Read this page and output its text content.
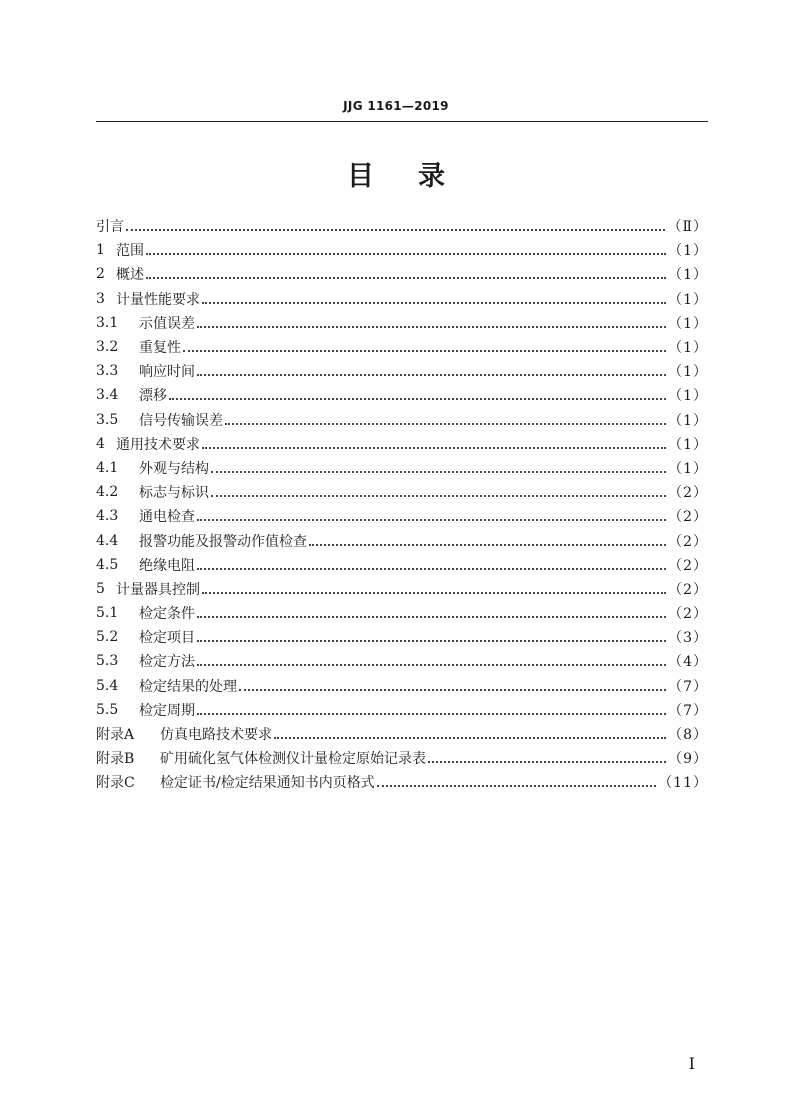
JJG 1161—2019
目录
引言	（Ⅱ）
1 范围	（1）
2 概述	（1）
3 计量性能要求	（1）
3.1	示值误差	（1）
3.2	重复性	（1）
3.3	响应时间	（1）
3.4	漂移	（1）
3.5	信号传输误差	（1）
4 通用技术要求	（1）
4.1	外观与结构	（1）
4.2	标志与标识	（2）
4.3	通电检查	（2）
4.4	报警功能及报警动作值检查	（2）
4.5	绝缘电阻	（2）
5 计量器具控制	（2）
5.1	检定条件	（2）
5.2	检定项目	（3）
5.3	检定方法	（4）
5.4	检定结果的处理	（7）
5.5	检定周期	（7）
附录A	仿真电路技术要求	（8）
附录B	矿用硫化氢气体检测仪计量检定原始记录表	（9）
附录C	检定证书/检定结果通知书内页格式	（11）
I
